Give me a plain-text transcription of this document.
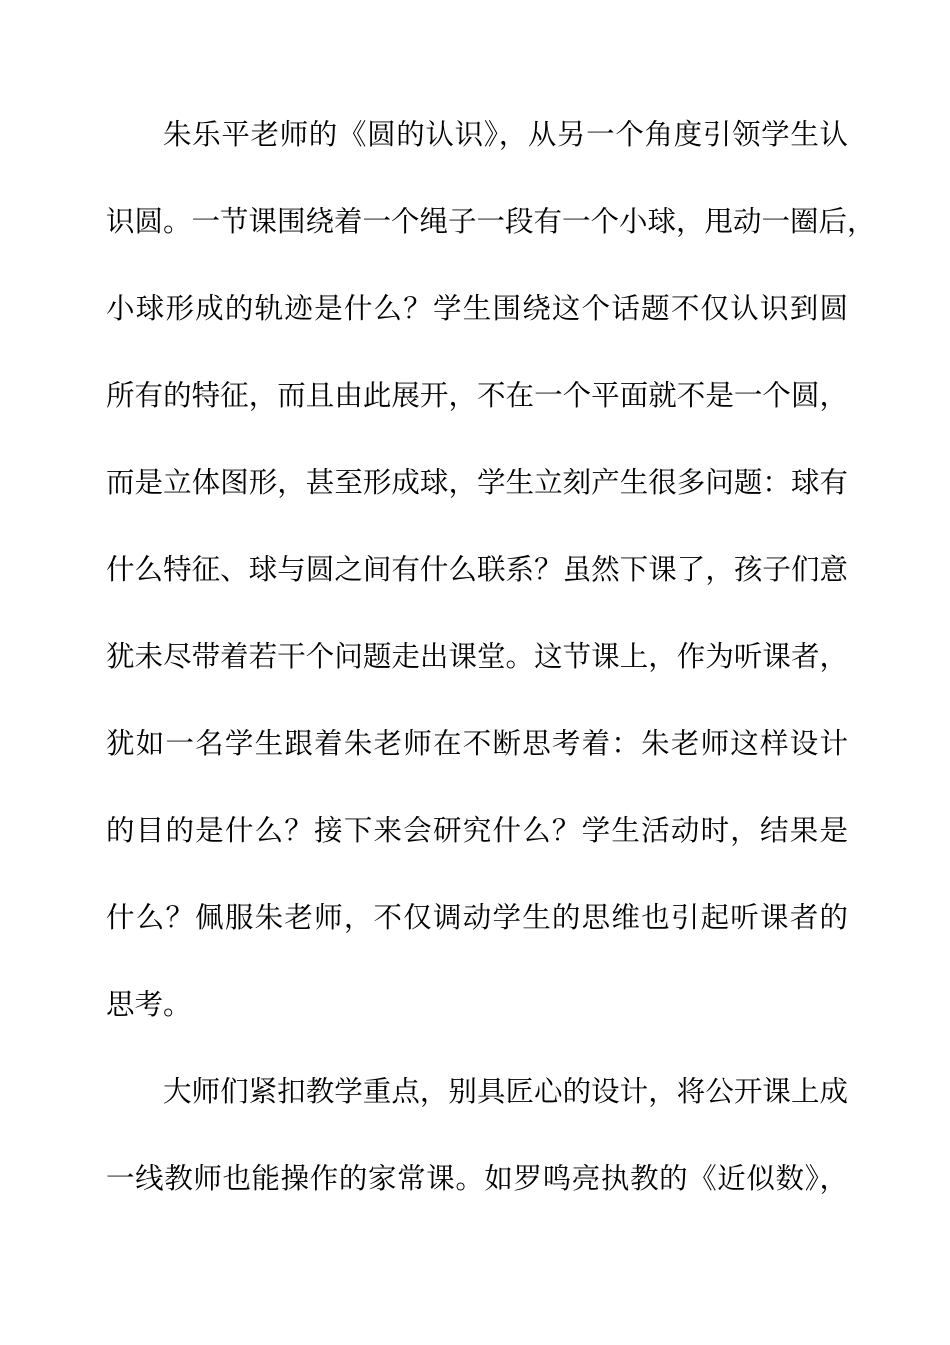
朱乐平老师的《圆的认识》，从另一个角度引领学生认
识圆。一节课围绕着一个绳子一段有一个小球，甩动一圈后，
小球形成的轨迹是什么？学生围绕这个话题不仅认识到圆
所有的特征，而且由此展开，不在一个平面就不是一个圆，
而是立体图形，甚至形成球，学生立刻产生很多问题：球有
什么特征、球与圆之间有什么联系？虽然下课了，孩子们意
犹未尽带着若干个问题走出课堂。这节课上，作为听课者，
犹如一名学生跟着朱老师在不断思考着：朱老师这样设计
的目的是什么？接下来会研究什么？学生活动时，结果是
什么？佩服朱老师，不仅调动学生的思维也引起听课者的
思考。
大师们紧扣教学重点，别具匠心的设计，将公开课上成
一线教师也能操作的家常课。如罗鸣亮执教的《近似数》，
